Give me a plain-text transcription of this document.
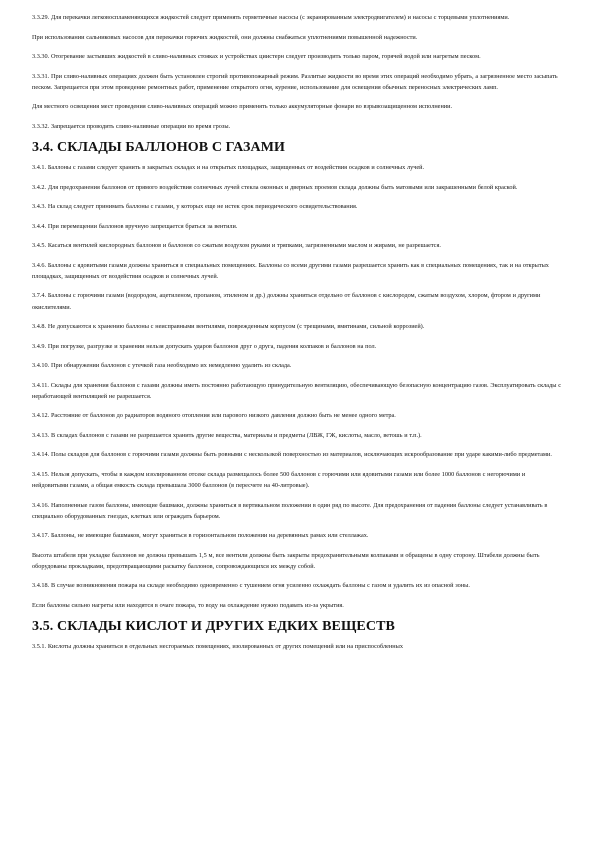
3.3.29. Для перекачки легковоспламеняющихся жидкостей следует применять герметичные насосы (с экранированным электродвигателем) и насосы с торцевыми уплотнениями.

При использовании сальниковых насосов для перекачки горючих жидкостей, они должны снабжаться уплотнениями повышенной надежности.

3.3.30. Отогревание застывших жидкостей в сливо-наливных стояках и устройствах циистерн следует производить только паром, горячей водой или нагретым песком.

3.3.31. При сливо-наливных операциях должен быть установлен строгий противопожарный режим. Разлитые жидкости во время этих операций необходимо убрать, а загрязненное место засыпать песком. Запрещается при этом проведение ремонтных работ, применение открытого огня, курение, использование для освещения обычных переносных электрических ламп.

Для местного освещения мест проведения сливо-наливных операций можно применять только аккумуляторные фонари во взрывозащищенном исполнении.

3.3.32. Запрещается проводить сливо-наливные операции во время грозы.

3.4. СКЛАДЫ БАЛЛОНОВ С ГАЗАМИ

3.4.1. Баллоны с газами следует хранить в закрытых складах и на открытых площадках, защищенных от воздействия осадков и солнечных лучей.

3.4.2. Для предохранения баллонов от прямого воздействия солнечных лучей стекла оконных и дверных проемов склада должны быть матовыми или закрашенными белой краской.

3.4.3. На склад следует принимать баллоны с газами, у которых еще не истек срок периодического освидетельствования.

3.4.4. При перемещении баллонов вручную запрещается браться за вентили.

3.4.5. Касаться вентилей кислородных баллонов и баллонов со сжатым воздухом руками и тряпками, загрязненными маслом и жирами, не разрешается.

3.4.6. Баллоны с ядовитыми газами должны храниться в специальных помещениях. Баллоны со всеми другими газами разрешается хранить как в специальных помещениях, так и на открытых площадках, защищенных от воздействия осадков и солнечных лучей.

3.7.4. Баллоны с горючими газами (водородом, ацетиленом, пропаном, этиленом и др.) должны храниться отдельно от баллонов с кислородом, сжатым воздухом, хлором, фтором и другими окислителями.

3.4.8. Не допускаются к хранению баллоны с неисправными вентилями, поврежденным корпусом (с трещинами, вмятинами, сильной коррозией).

3.4.9. При погрузке, разгрузке и хранении нельзя допускать ударов баллонов друг о друга, падения колпаков и баллонов на пол.

3.4.10. При обнаружении баллонов с утечкой газа необходимо их немедленно удалить из склада.

3.4.11. Склады для хранения баллонов с газами должны иметь постоянно работающую принудительную вентиляцию, обеспечивающую безопасную концентрацию газов. Эксплуатировать склады с неработающей вентиляцией не разрешается.

3.4.12. Расстояние от баллонов до радиаторов водяного отопления или парового низкого давления должно быть не менее одного метра.

3.4.13. В складах баллонов с газами не разрешается хранить другие вещества, материалы и предметы (ЛВЖ, ГЖ, кислоты, масло, ветошь и т.п.).

3.4.14. Полы складов для баллонов с горючими газами должны быть ровными с нескользкой поверхностью из материалов, исключающих искрообразование при ударе какими-либо предметами.

3.4.15. Нельзя допускать, чтобы в каждом изолированном отсеке склада размещалось более 500 баллонов с горючими или ядовитыми газами или более 1000 баллонов с негорючими и нейдовитыми газами, а общая емкость склада превышала 3000 баллонов (в пересчете на 40-литровые).

3.4.16. Наполненные газом баллоны, имеющие башмаки, должны храниться в вертикальном положении в один ряд по высоте. Для предохранения от падения баллоны следует устанавливать в специально оборудованных гнездах, клетках или ограждать барьером.

3.4.17. Баллоны, не имеющие башмаков, могут храниться в горизонтальном положении на деревянных рамах или стеллажах.

Высота штабеля при укладке баллонов не должна превышать 1,5 м, все вентили должны быть закрыты предохранительными колпаками и обращены в одну сторону. Штабели должны быть оборудованы прокладками, предотвращающими раскатку баллонов, сопровождающихся их между собой.

3.4.18. В случае возникновения пожара на складе необходимо одновременно с тушением огня усиленно охлаждать баллоны с газом и удалить их из опасной зоны.

Если баллоны сильно нагреты или находятся в очаге пожара, то воду на охлаждение нужно подавать из-за укрытия.

3.5. СКЛАДЫ КИСЛОТ И ДРУГИХ ЕДКИХ ВЕЩЕСТВ

3.5.1. Кислоты должны храниться в отдельных несгораемых помещениях, изолированных от других помещений или на приспособленных
